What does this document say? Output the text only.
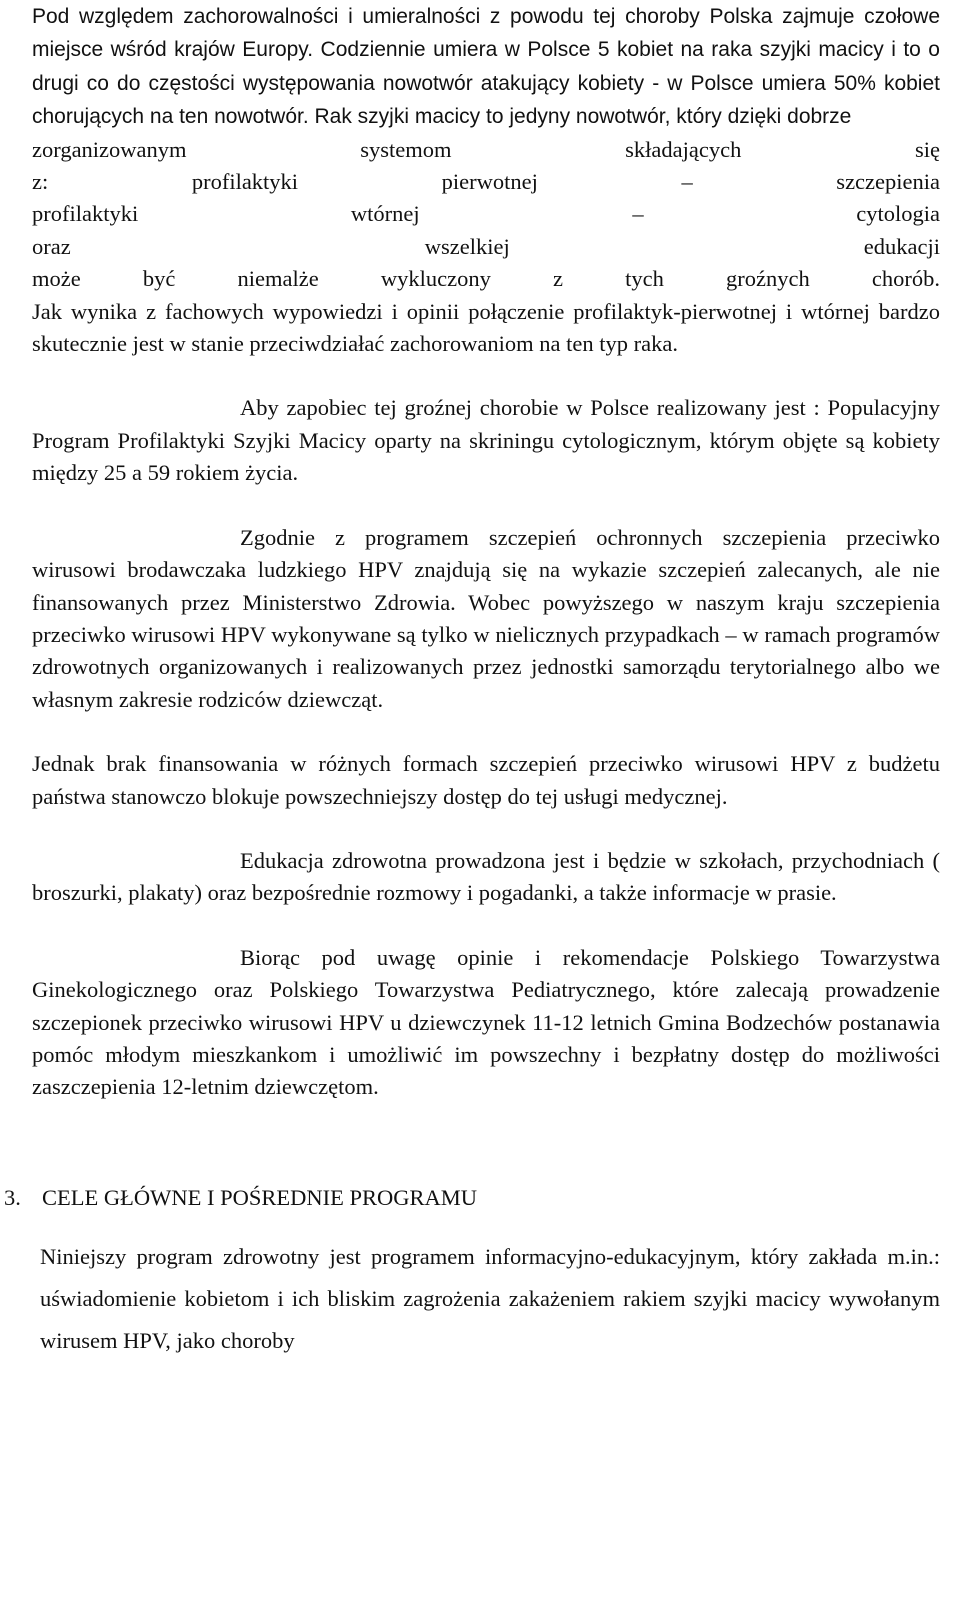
Pod względem zachorowalności i umieralności z powodu tej choroby Polska zajmuje czołowe miejsce wśród krajów Europy. Codziennie umiera w Polsce 5 kobiet na raka szyjki macicy i to o drugi co do częstości występowania nowotwór atakujący kobiety - w Polsce umiera 50% kobiet chorujących na ten nowotwór. Rak szyjki macicy to jedyny nowotwór, który dzięki dobrze
zorganizowanym systemom składających się
z: profilaktyki pierwotnej – szczepienia
profilaktyki wtórnej – cytologia
oraz wszelkiej edukacji
może być niemalże wykluczony z tych groźnych chorób.
Jak wynika z fachowych wypowiedzi i opinii połączenie profilaktyk-pierwotnej i wtórnej bardzo skutecznie jest w stanie przeciwdziałać zachorowaniom na ten typ raka.

Aby zapobiec tej groźnej chorobie w Polsce realizowany jest : Populacyjny Program Profilaktyki Szyjki Macicy oparty na skriningu cytologicznym, którym objęte są kobiety między 25 a 59 rokiem życia.

Zgodnie z programem szczepień ochronnych szczepienia przeciwko wirusowi brodawczaka ludzkiego HPV znajdują się na wykazie szczepień zalecanych, ale nie finansowanych przez Ministerstwo Zdrowia. Wobec powyższego w naszym kraju szczepienia przeciwko wirusowi HPV wykonywane są tylko w nielicznych przypadkach – w ramach programów zdrowotnych organizowanych i realizowanych przez jednostki samorządu terytorialnego albo we własnym zakresie rodziców dziewcząt.

Jednak brak finansowania w różnych formach szczepień przeciwko wirusowi HPV z budżetu państwa stanowczo blokuje powszechniejszy dostęp do tej usługi medycznej.

Edukacja zdrowotna prowadzona jest i będzie w szkołach, przychodniach ( broszurki, plakaty) oraz bezpośrednie rozmowy i pogadanki, a także informacje w prasie.

Biorąc pod uwagę opinie i rekomendacje Polskiego Towarzystwa Ginekologicznego oraz Polskiego Towarzystwa Pediatrycznego, które zalecają prowadzenie szczepionek przeciwko wirusowi HPV u dziewczynek 11-12 letnich Gmina Bodzechów postanawia pomóc młodym mieszkankom i umożliwić im powszechny i bezpłatny dostęp do możliwości zaszczepienia 12-letnim dziewczętom.

3. CELE GŁÓWNE I POŚREDNIE PROGRAMU

Niniejszy program zdrowotny jest programem informacyjno-edukacyjnym, który zakłada m.in.: uświadomienie kobietom i ich bliskim zagrożenia zakażeniem rakiem szyjki macicy wywołanym wirusem HPV, jako choroby
